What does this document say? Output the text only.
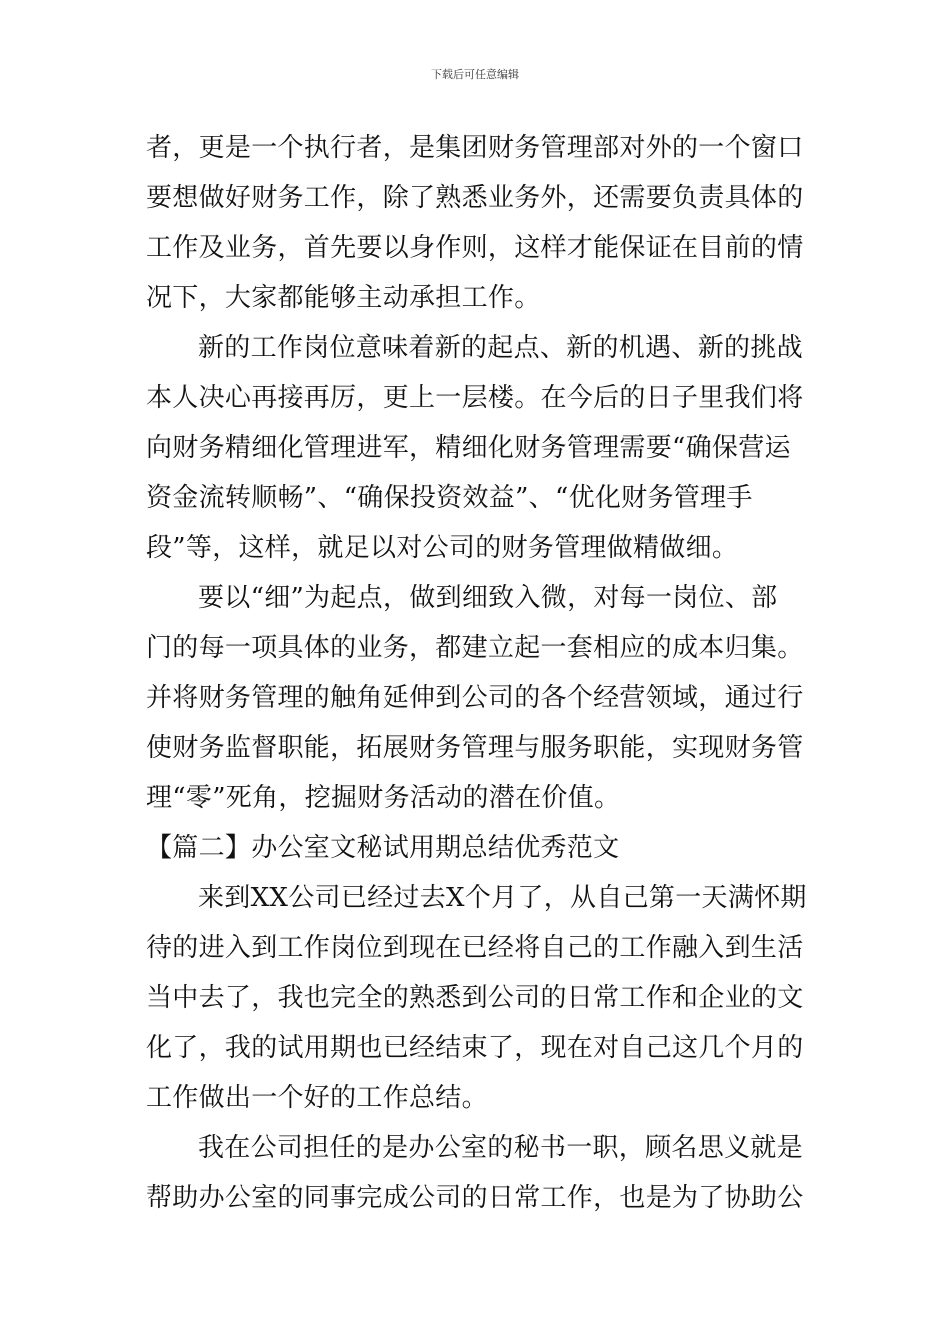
下载后可任意编辑
者，更是一个执行者，是集团财务管理部对外的一个窗口
要想做好财务工作，除了熟悉业务外，还需要负责具体的
工作及业务，首先要以身作则，这样才能保证在目前的情
况下，大家都能够主动承担工作。
新的工作岗位意味着新的起点、新的机遇、新的挑战
本人决心再接再厉，更上一层楼。在今后的日子里我们将
向财务精细化管理进军，精细化财务管理需要“确保营运
资金流转顺畅”、“确保投资效益”、“优化财务管理手
段”等，这样，就足以对公司的财务管理做精做细。
要以“细”为起点，做到细致入微，对每一岗位、部
门的每一项具体的业务，都建立起一套相应的成本归集。
并将财务管理的触角延伸到公司的各个经营领域，通过行
使财务监督职能，拓展财务管理与服务职能，实现财务管
理“零”死角，挖掘财务活动的潜在价值。
【篇二】办公室文秘试用期总结优秀范文
来到XX公司已经过去X个月了，从自己第一天满怀期
待的进入到工作岗位到现在已经将自己的工作融入到生活
当中去了，我也完全的熟悉到公司的日常工作和企业的文
化了，我的试用期也已经结束了，现在对自己这几个月的
工作做出一个好的工作总结。
我在公司担任的是办公室的秘书一职，顾名思义就是
帮助办公室的同事完成公司的日常工作，也是为了协助公
